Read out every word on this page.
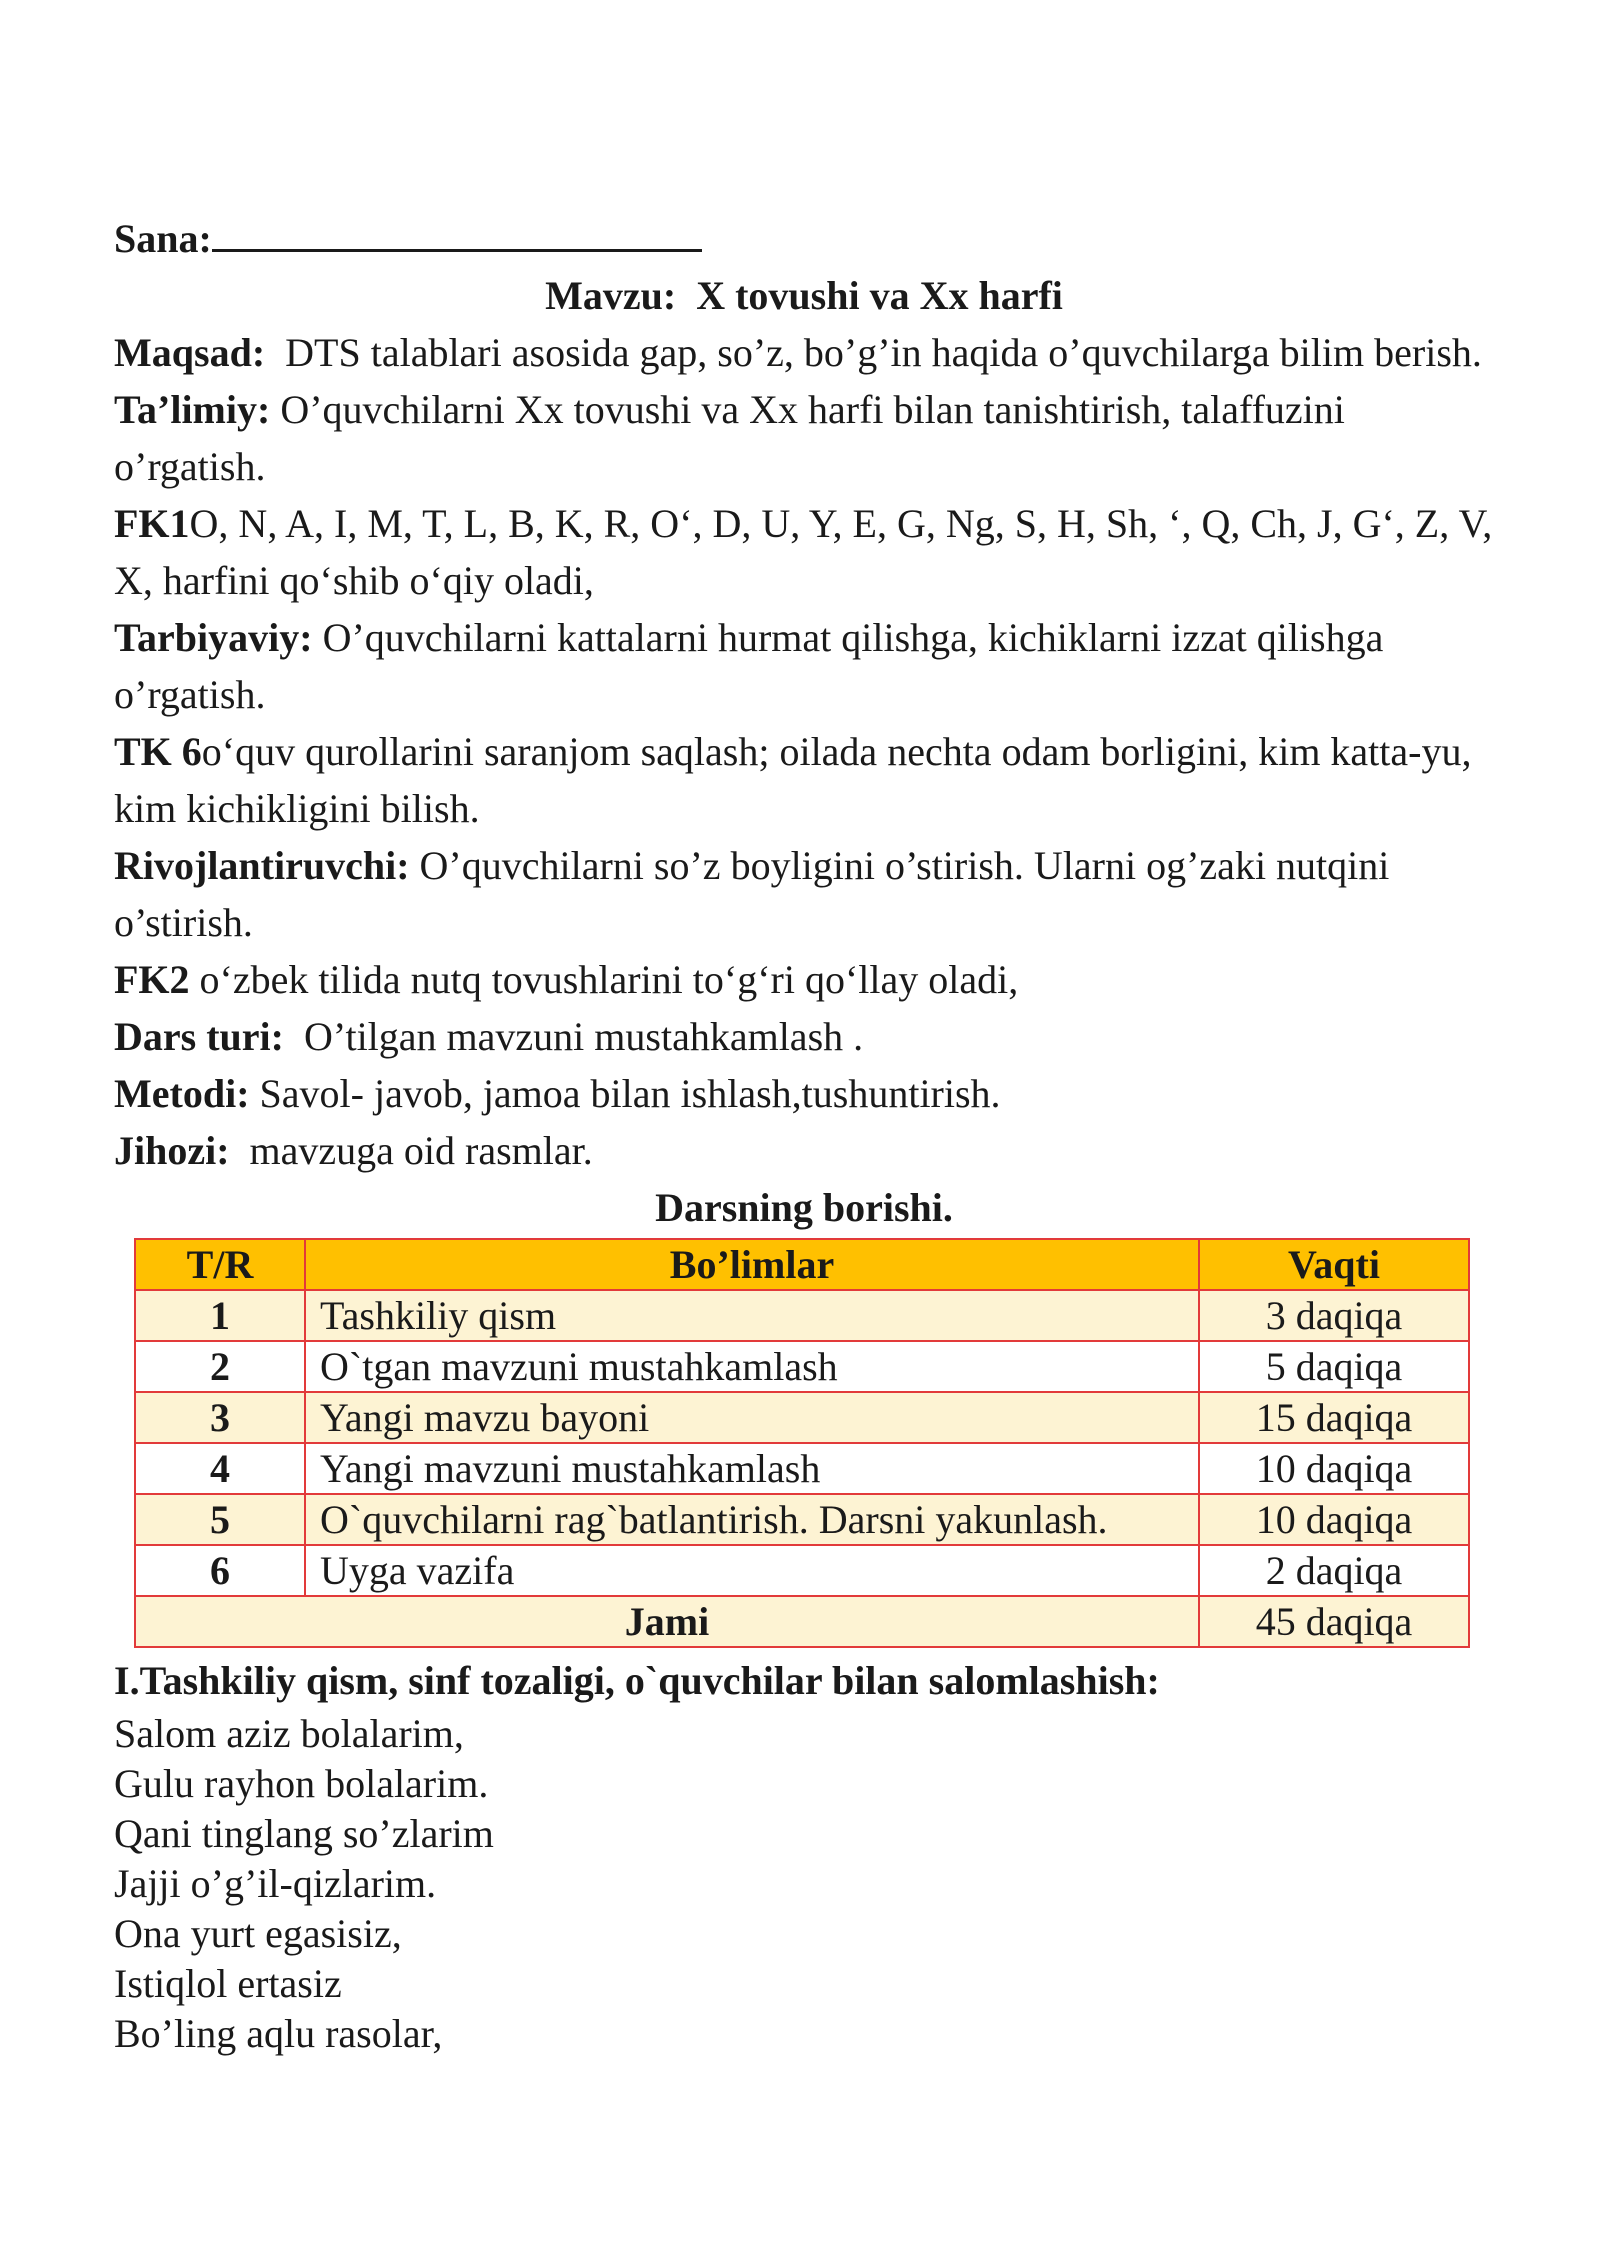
Sana:
Mavzu: X tovushi va Xx harfi
Maqsad: DTS talablari asosida gap, so’z, bo’g’in haqida o’quvchilarga bilim berish.
Ta’limiy: O’quvchilarni Xx tovushi va Xx harfi bilan tanishtirish, talaffuzini o’rgatish.
FK1O, N, A, I, M, T, L, B, K, R, O‘, D, U, Y, E, G, Ng, S, H, Sh, ‘, Q, Ch, J, G‘, Z, V, X, harfini qo‘shib o‘qiy oladi,
Tarbiyaviy: O’quvchilarni kattalarni hurmat qilishga, kichiklarni izzat qilishga o’rgatish.
TK 6o‘quv qurollarini saranjom saqlash; oilada nechta odam borligini, kim katta-yu, kim kichikligini bilish.
Rivojlantiruvchi: O’quvchilarni so’z boyligini o’stirish. Ularni og’zaki nutqini o’stirish.
FK2 o‘zbek tilida nutq tovushlarini to‘g‘ri qo‘llay oladi,
Dars turi: O’tilgan mavzuni mustahkamlash .
Metodi: Savol- javob, jamoa bilan ishlash,tushuntirish.
Jihozi: mavzuga oid rasmlar.
Darsning borishi.
T/R	Bo’limlar	Vaqti
1	Tashkiliy qism	3 daqiqa
2	O`tgan mavzuni mustahkamlash	5 daqiqa
3	Yangi mavzu bayoni	15 daqiqa
4	Yangi mavzuni mustahkamlash	10 daqiqa
5	O`quvchilarni rag`batlantirish. Darsni yakunlash.	10 daqiqa
6	Uyga vazifa	2 daqiqa
Jami		45 daqiqa
I.Tashkiliy qism, sinf tozaligi, o`quvchilar bilan salomlashish:
Salom aziz bolalarim,
Gulu rayhon bolalarim.
Qani tinglang so’zlarim
Jajji o’g’il-qizlarim.
Ona yurt egasisiz,
Istiqlol ertasiz
Bo’ling aqlu rasolar,
